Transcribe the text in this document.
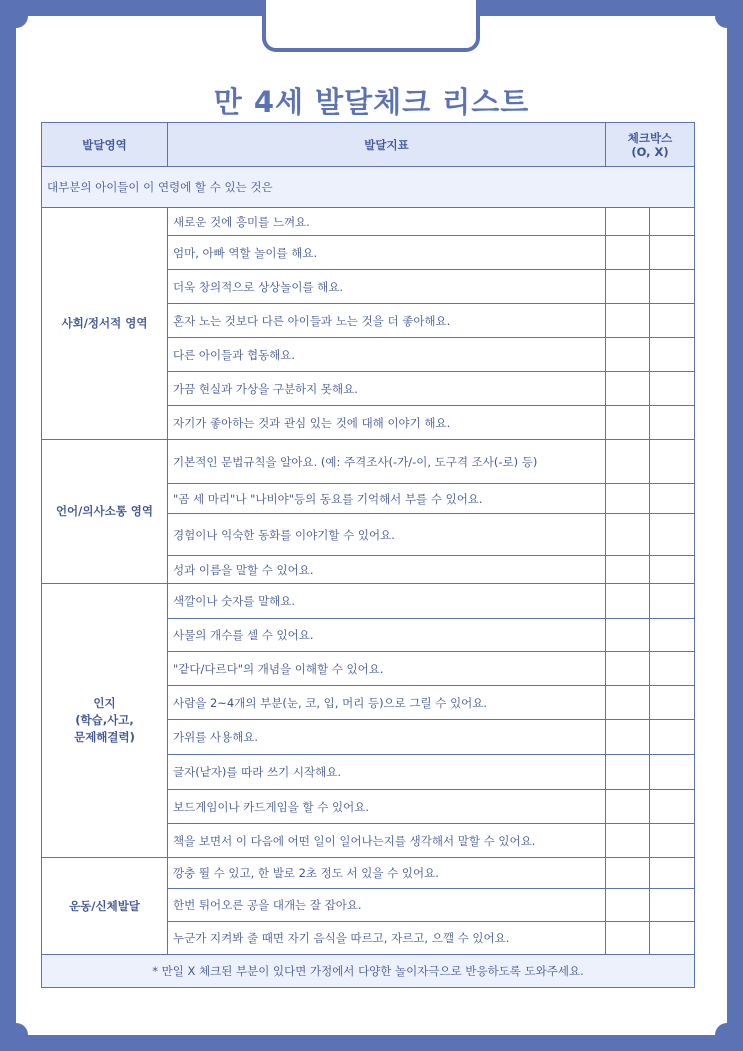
만 4세 발달체크 리스트
발달영역	발달지표	체크박스
(O, X)	
대부분의 아이들이 이 연령에 할 수 있는 것은			
사회/정서적 영역	새로운 것에 흥미를 느껴요.		
	엄마, 아빠 역할 놀이를 해요.		
	더욱 창의적으로 상상놀이를 해요.		
	혼자 노는 것보다 다른 아이들과 노는 것을 더 좋아해요.		
	다른 아이들과 협동해요.		
	가끔 현실과 가상을 구분하지 못해요.		
	자기가 좋아하는 것과 관심 있는 것에 대해 이야기 해요.		
언어/의사소통 영역	기본적인 문법규칙을 알아요. (예: 주격조사(-가/-이, 도구격 조사(-로) 등)		
	"곰 세 마리"나 "나비야"등의 동요를 기억해서 부를 수 있어요.		
	경험이나 익숙한 동화를 이야기할 수 있어요.		
	성과 이름을 말할 수 있어요.		
인지
(학습,사고,
문제해결력)	색깔이나 숫자를 말해요.		
	사물의 개수를 셀 수 있어요.		
	"같다/다르다"의 개념을 이해할 수 있어요.		
	사람을 2~4개의 부분(눈, 코, 입, 머리 등)으로 그릴 수 있어요.		
	가위를 사용해요.		
	글자(낱자)를 따라 쓰기 시작해요.		
	보드게임이나 카드게임을 할 수 있어요.		
	책을 보면서 이 다음에 어떤 일이 일어나는지를 생각해서 말할 수 있어요.		
운동/신체발달	깡충 뛸 수 있고, 한 발로 2초 정도 서 있을 수 있어요.		
	한번 튀어오른 공을 대개는 잘 잡아요.		
	누군가 지켜봐 줄 때면 자기 음식을 따르고, 자르고, 으깰 수 있어요.		
* 만일 X 체크된 부분이 있다면 가정에서 다양한 놀이자극으로 반응하도록 도와주세요.			
